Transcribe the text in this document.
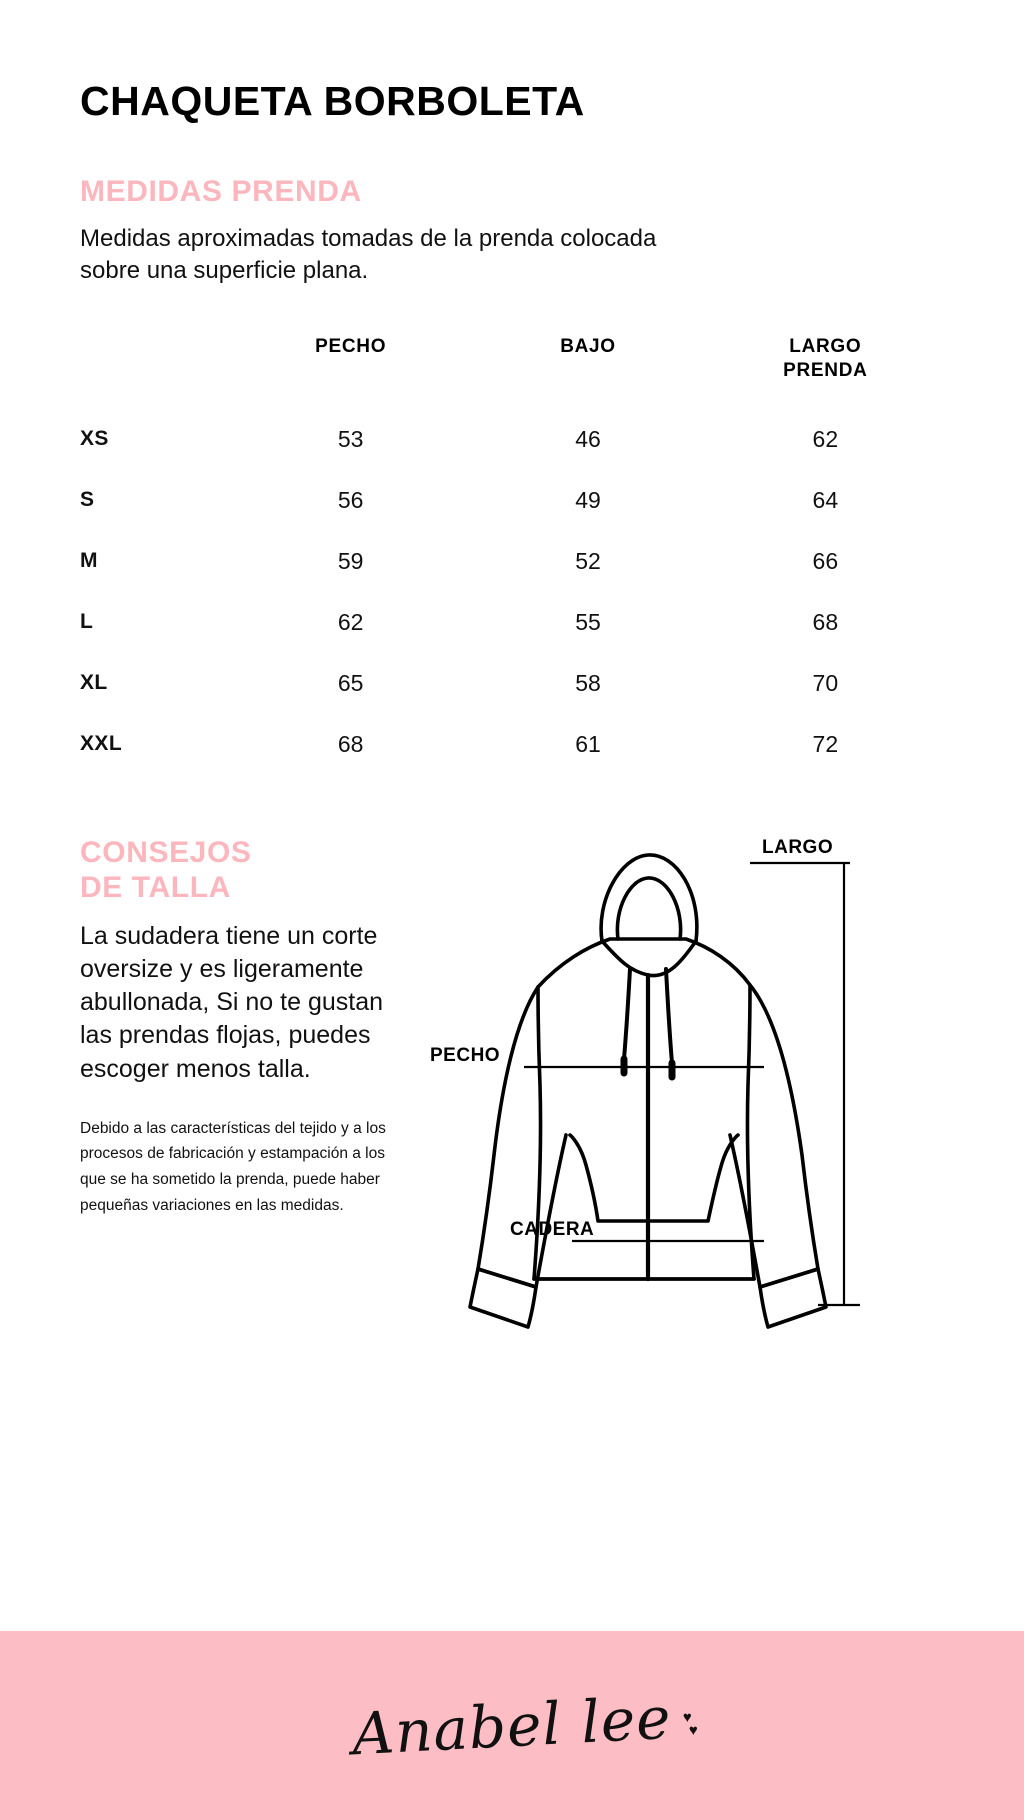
CHAQUETA BORBOLETA
MEDIDAS PRENDA

Medidas aproximadas tomadas de la prenda colocada sobre una superficie plana.

	PECHO	BAJO	LARGO
PRENDA
XS	53	46	62
S	56	49	64
M	59	52	66
L	62	55	68
XL	65	58	70
XXL	68	61	72
CONSEJOS
DE TALLA

La sudadera tiene un corte oversize y es ligeramente abullonada, Si no te gustan las prendas flojas, puedes escoger menos talla.

Debido a las características del tejido y a los procesos de fabricación y estampación a los que se ha sometido la prenda, puede haber pequeñas variaciones en las medidas.

LARGO
PECHO
CADERA
Anabel lee ♥
♥
